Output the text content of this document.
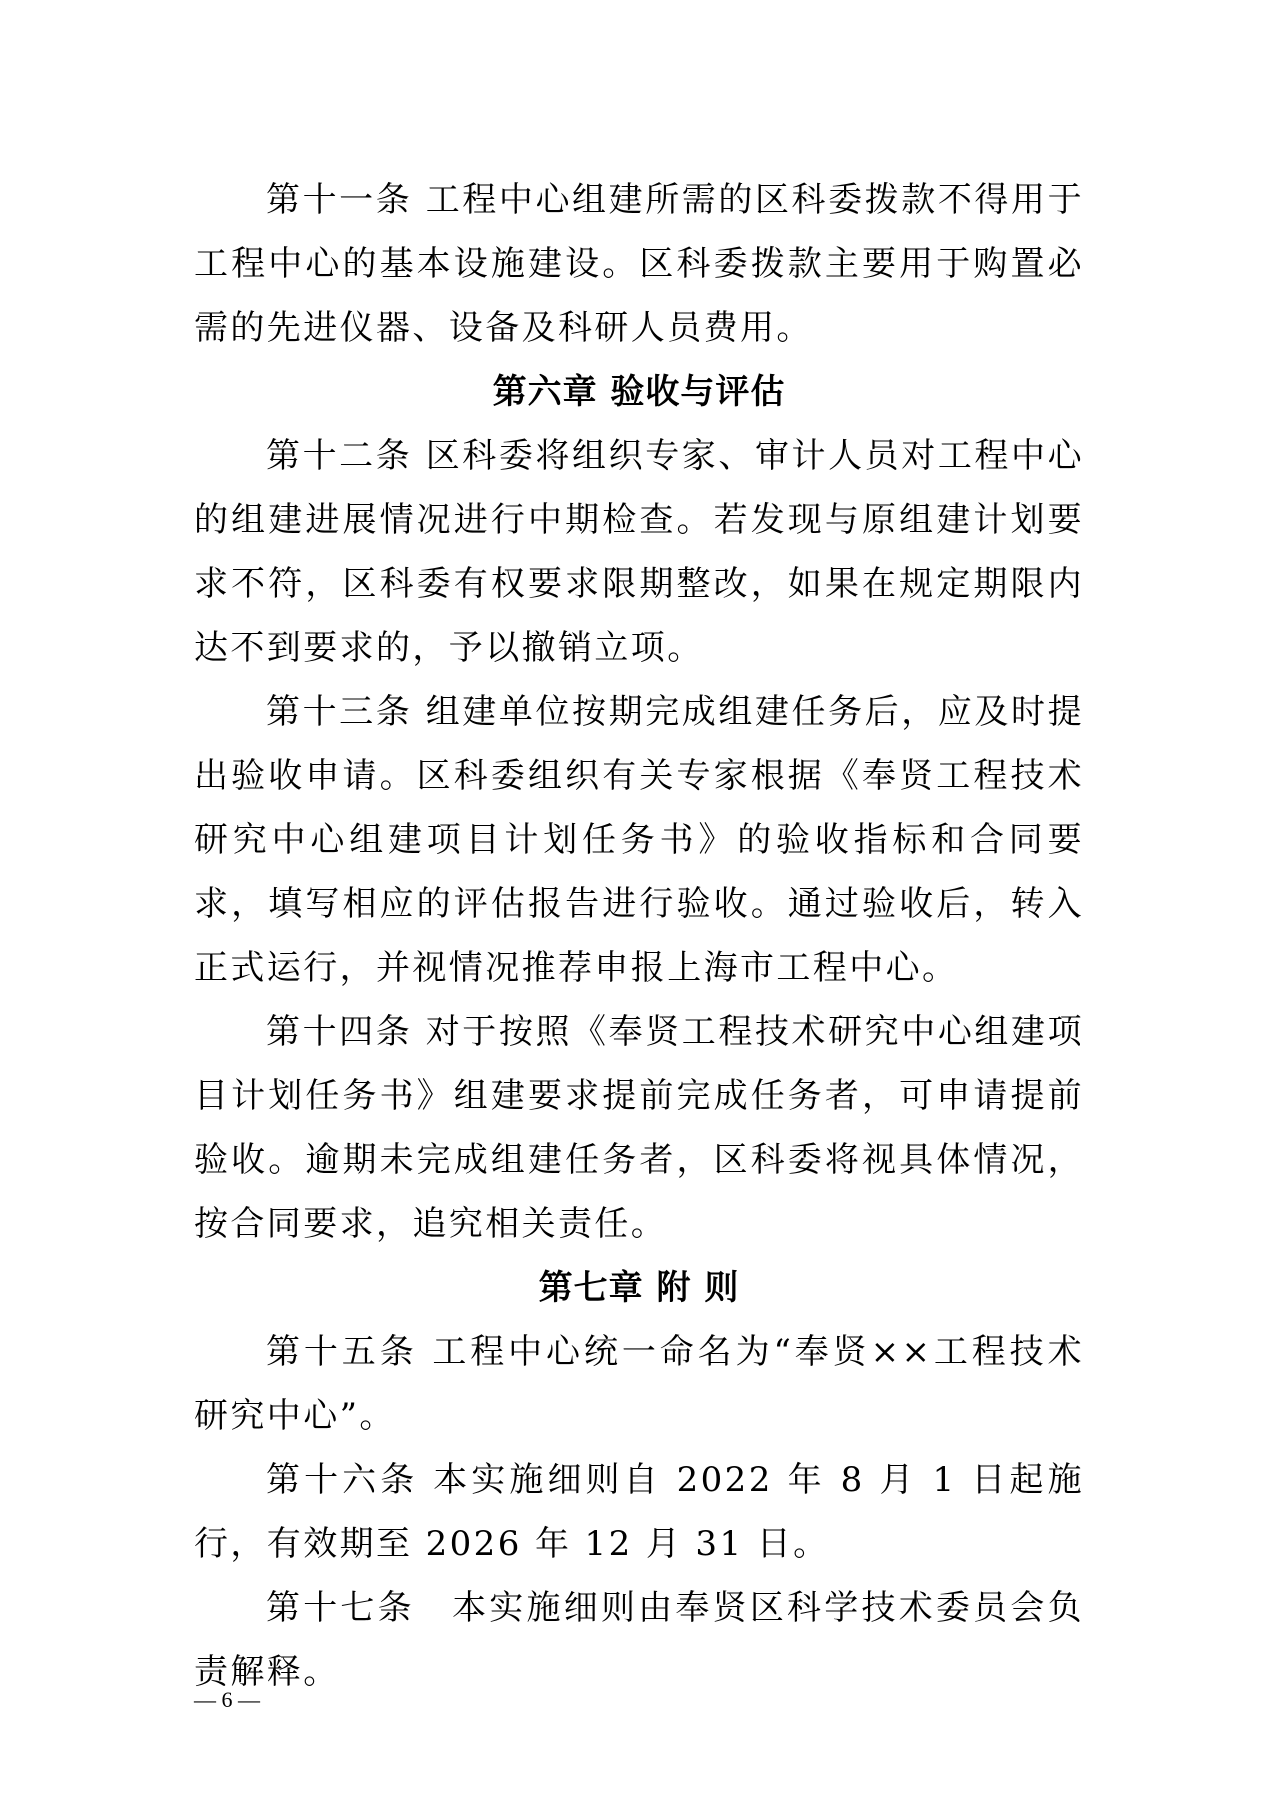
第十一条 工程中心组建所需的区科委拨款不得用于工程中心的基本设施建设。区科委拨款主要用于购置必需的先进仪器、设备及科研人员费用。

第六章 验收与评估

第十二条 区科委将组织专家、审计人员对工程中心的组建进展情况进行中期检查。若发现与原组建计划要求不符，区科委有权要求限期整改，如果在规定期限内达不到要求的，予以撤销立项。

第十三条 组建单位按期完成组建任务后，应及时提出验收申请。区科委组织有关专家根据《奉贤工程技术研究中心组建项目计划任务书》的验收指标和合同要求，填写相应的评估报告进行验收。通过验收后，转入正式运行，并视情况推荐申报上海市工程中心。

第十四条 对于按照《奉贤工程技术研究中心组建项目计划任务书》组建要求提前完成任务者，可申请提前验收。逾期未完成组建任务者，区科委将视具体情况，按合同要求，追究相关责任。

第七章 附 则

第十五条 工程中心统一命名为“奉贤××工程技术研究中心”。

第十六条 本实施细则自 2022 年 8 月 1 日起施行，有效期至 2026 年 12 月 31 日。

第十七条　本实施细则由奉贤区科学技术委员会负责解释。

— 6 —
